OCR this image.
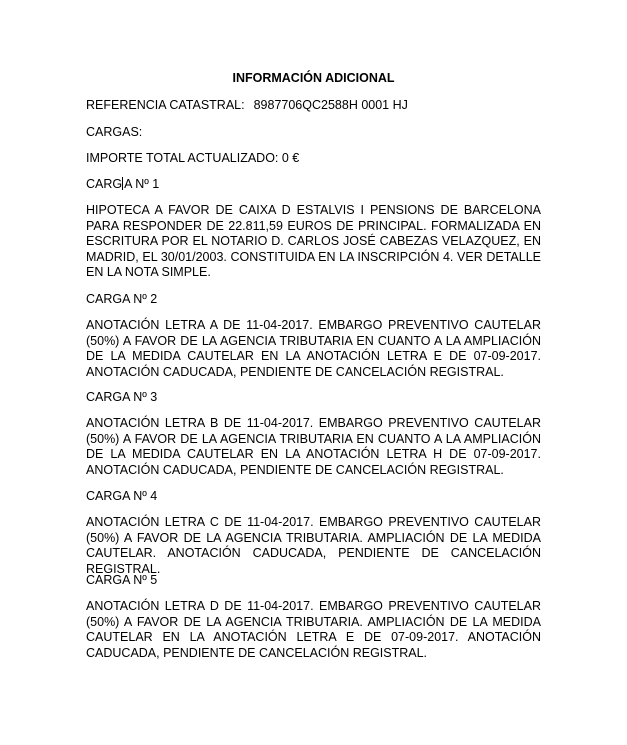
INFORMACIÓN ADICIONAL
REFERENCIA CATASTRAL: 8987706QC2588H 0001 HJ
CARGAS:
IMPORTE TOTAL ACTUALIZADO: 0 €
CARG A Nº 1
HIPOTECA A FAVOR DE CAIXA D ESTALVIS I PENSIONS DE BARCELONA PARA RESPONDER DE 22.811,59 EUROS DE PRINCIPAL. FORMALIZADA EN ESCRITURA POR EL NOTARIO D. CARLOS JOSÉ CABEZAS VELAZQUEZ, EN MADRID, EL 30/01/2003. CONSTITUIDA EN LA INSCRIPCIÓN 4. VER DETALLE EN LA NOTA SIMPLE.
CARGA Nº 2
ANOTACIÓN LETRA A DE 11-04-2017. EMBARGO PREVENTIVO CAUTELAR (50%) A FAVOR DE LA AGENCIA TRIBUTARIA EN CUANTO A LA AMPLIACIÓN DE LA MEDIDA CAUTELAR EN LA ANOTACIÓN LETRA E DE 07-09-2017. ANOTACIÓN CADUCADA, PENDIENTE DE CANCELACIÓN REGISTRAL.
CARGA Nº 3
ANOTACIÓN LETRA B DE 11-04-2017. EMBARGO PREVENTIVO CAUTELAR (50%) A FAVOR DE LA AGENCIA TRIBUTARIA EN CUANTO A LA AMPLIACIÓN DE LA MEDIDA CAUTELAR EN LA ANOTACIÓN LETRA H DE 07-09-2017. ANOTACIÓN CADUCADA, PENDIENTE DE CANCELACIÓN REGISTRAL.
CARGA Nº 4
ANOTACIÓN LETRA C DE 11-04-2017. EMBARGO PREVENTIVO CAUTELAR (50%) A FAVOR DE LA AGENCIA TRIBUTARIA. AMPLIACIÓN DE LA MEDIDA CAUTELAR. ANOTACIÓN CADUCADA, PENDIENTE DE CANCELACIÓN REGISTRAL.
CARGA Nº 5
ANOTACIÓN LETRA D DE 11-04-2017. EMBARGO PREVENTIVO CAUTELAR (50%) A FAVOR DE LA AGENCIA TRIBUTARIA. AMPLIACIÓN DE LA MEDIDA CAUTELAR EN LA ANOTACIÓN LETRA E DE 07-09-2017. ANOTACIÓN CADUCADA, PENDIENTE DE CANCELACIÓN REGISTRAL.
